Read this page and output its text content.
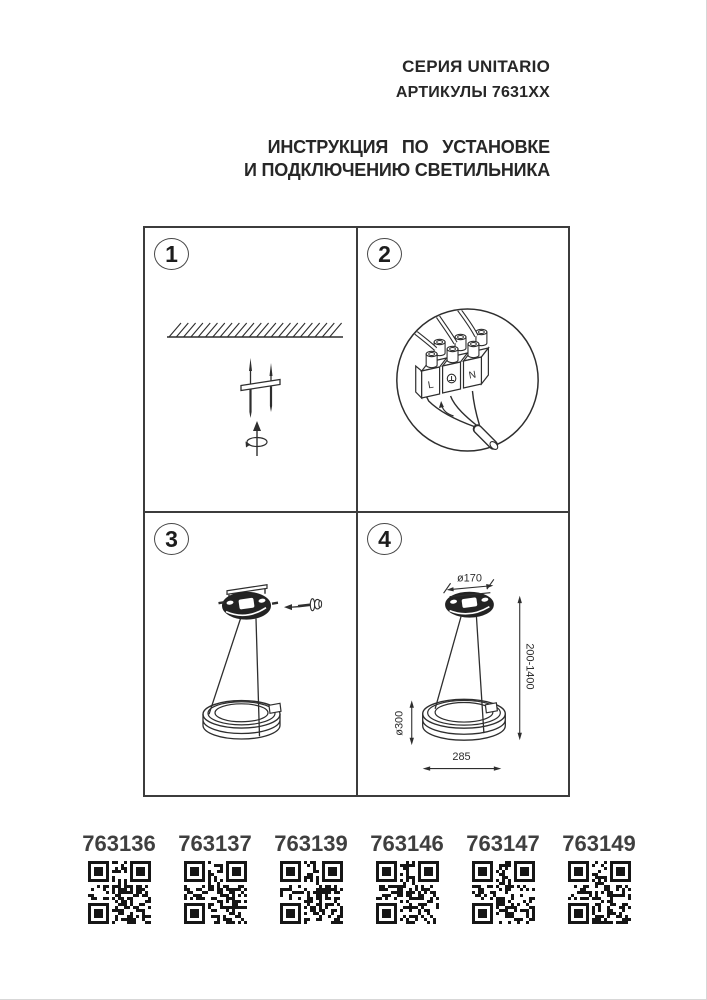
СЕРИЯ UNITARIO
АРТИКУЛЫ 7631XX
ИНСТРУКЦИЯ ПО УСТАНОВКЕ
И ПОДКЛЮЧЕНИЮ СВЕТИЛЬНИКА
1
L
N
2
3
ø170
200-1400
ø300
285
4
763136	763137	763139	763146	763147	763149
